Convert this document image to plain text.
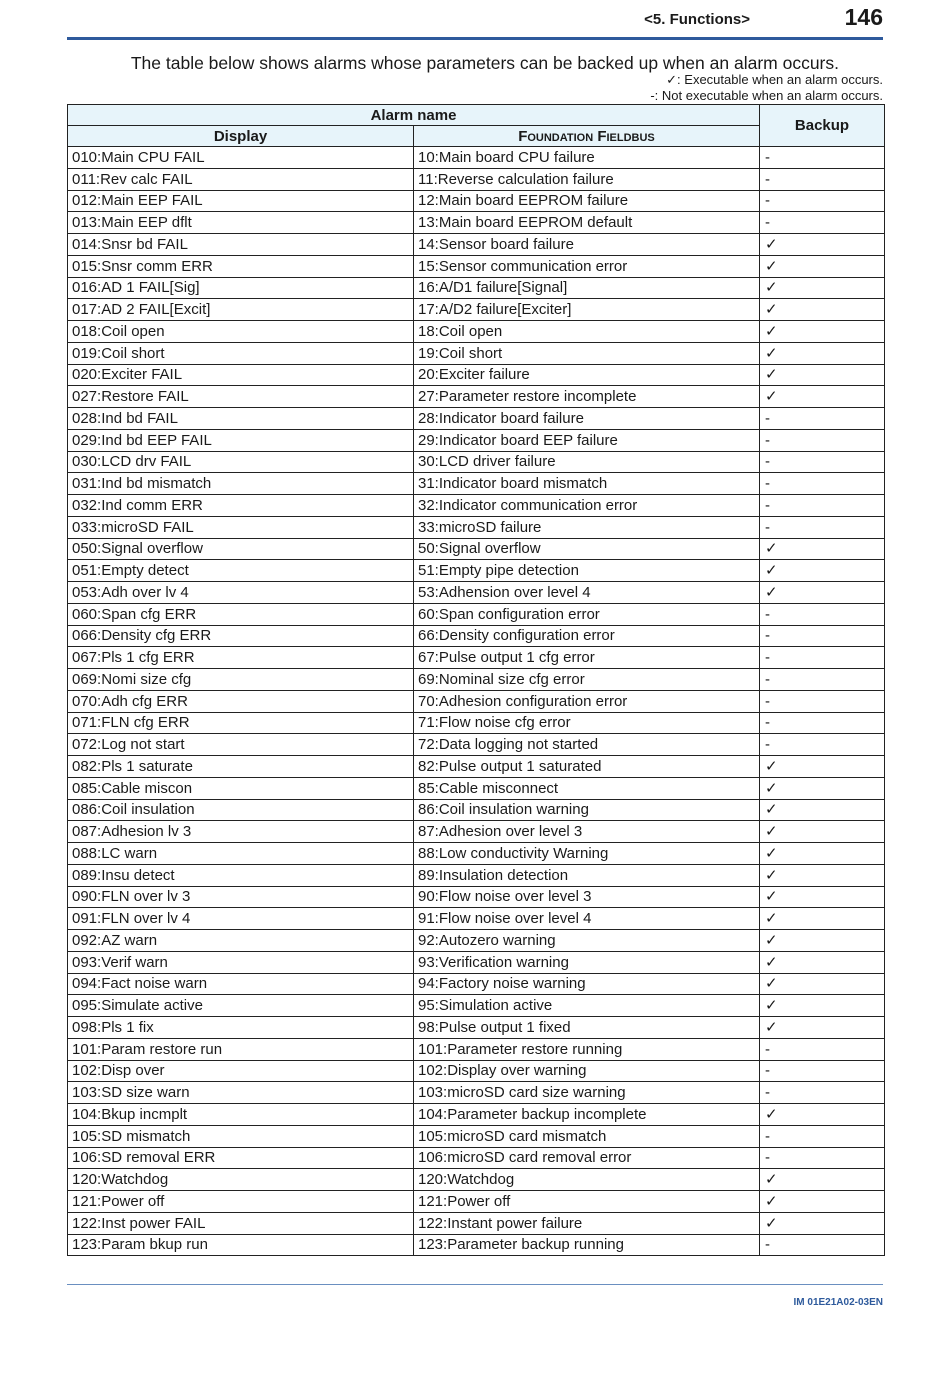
<5. Functions>	146
The table below shows alarms whose parameters can be backed up when an alarm occurs.
✓: Executable when an alarm occurs.
-: Not executable when an alarm occurs.
Alarm name		Backup
Display	Foundation Fieldbus	
010:Main CPU FAIL	10:Main board CPU failure	-
011:Rev calc FAIL	11:Reverse calculation failure	-
012:Main EEP FAIL	12:Main board EEPROM failure	-
013:Main EEP dflt	13:Main board EEPROM default	-
014:Snsr bd FAIL	14:Sensor board failure	✓
015:Snsr comm ERR	15:Sensor communication error	✓
016:AD 1 FAIL[Sig]	16:A/D1 failure[Signal]	✓
017:AD 2 FAIL[Excit]	17:A/D2 failure[Exciter]	✓
018:Coil open	18:Coil open	✓
019:Coil short	19:Coil short	✓
020:Exciter FAIL	20:Exciter failure	✓
027:Restore FAIL	27:Parameter restore incomplete	✓
028:Ind bd FAIL	28:Indicator board failure	-
029:Ind bd EEP FAIL	29:Indicator board EEP failure	-
030:LCD drv FAIL	30:LCD driver failure	-
031:Ind bd mismatch	31:Indicator board mismatch	-
032:Ind comm ERR	32:Indicator communication error	-
033:microSD FAIL	33:microSD failure	-
050:Signal overflow	50:Signal overflow	✓
051:Empty detect	51:Empty pipe detection	✓
053:Adh over lv 4	53:Adhension over level 4	✓
060:Span cfg ERR	60:Span configuration error	-
066:Density cfg ERR	66:Density configuration error	-
067:Pls 1 cfg ERR	67:Pulse output 1 cfg error	-
069:Nomi size cfg	69:Nominal size cfg error	-
070:Adh cfg ERR	70:Adhesion configuration error	-
071:FLN cfg ERR	71:Flow noise cfg error	-
072:Log not start	72:Data logging not started	-
082:Pls 1 saturate	82:Pulse output 1 saturated	✓
085:Cable miscon	85:Cable misconnect	✓
086:Coil insulation	86:Coil insulation warning	✓
087:Adhesion lv 3	87:Adhesion over level 3	✓
088:LC warn	88:Low conductivity Warning	✓
089:Insu detect	89:Insulation detection	✓
090:FLN over lv 3	90:Flow noise over level 3	✓
091:FLN over lv 4	91:Flow noise over level 4	✓
092:AZ warn	92:Autozero warning	✓
093:Verif warn	93:Verification warning	✓
094:Fact noise warn	94:Factory noise warning	✓
095:Simulate active	95:Simulation active	✓
098:Pls 1 fix	98:Pulse output 1 fixed	✓
101:Param restore run	101:Parameter restore running	-
102:Disp over	102:Display over warning	-
103:SD size warn	103:microSD card size warning	-
104:Bkup incmplt	104:Parameter backup incomplete	✓
105:SD mismatch	105:microSD card mismatch	-
106:SD removal ERR	106:microSD card removal error	-
120:Watchdog	120:Watchdog	✓
121:Power off	121:Power off	✓
122:Inst power FAIL	122:Instant power failure	✓
123:Param bkup run	123:Parameter backup running	-
IM 01E21A02-03EN
